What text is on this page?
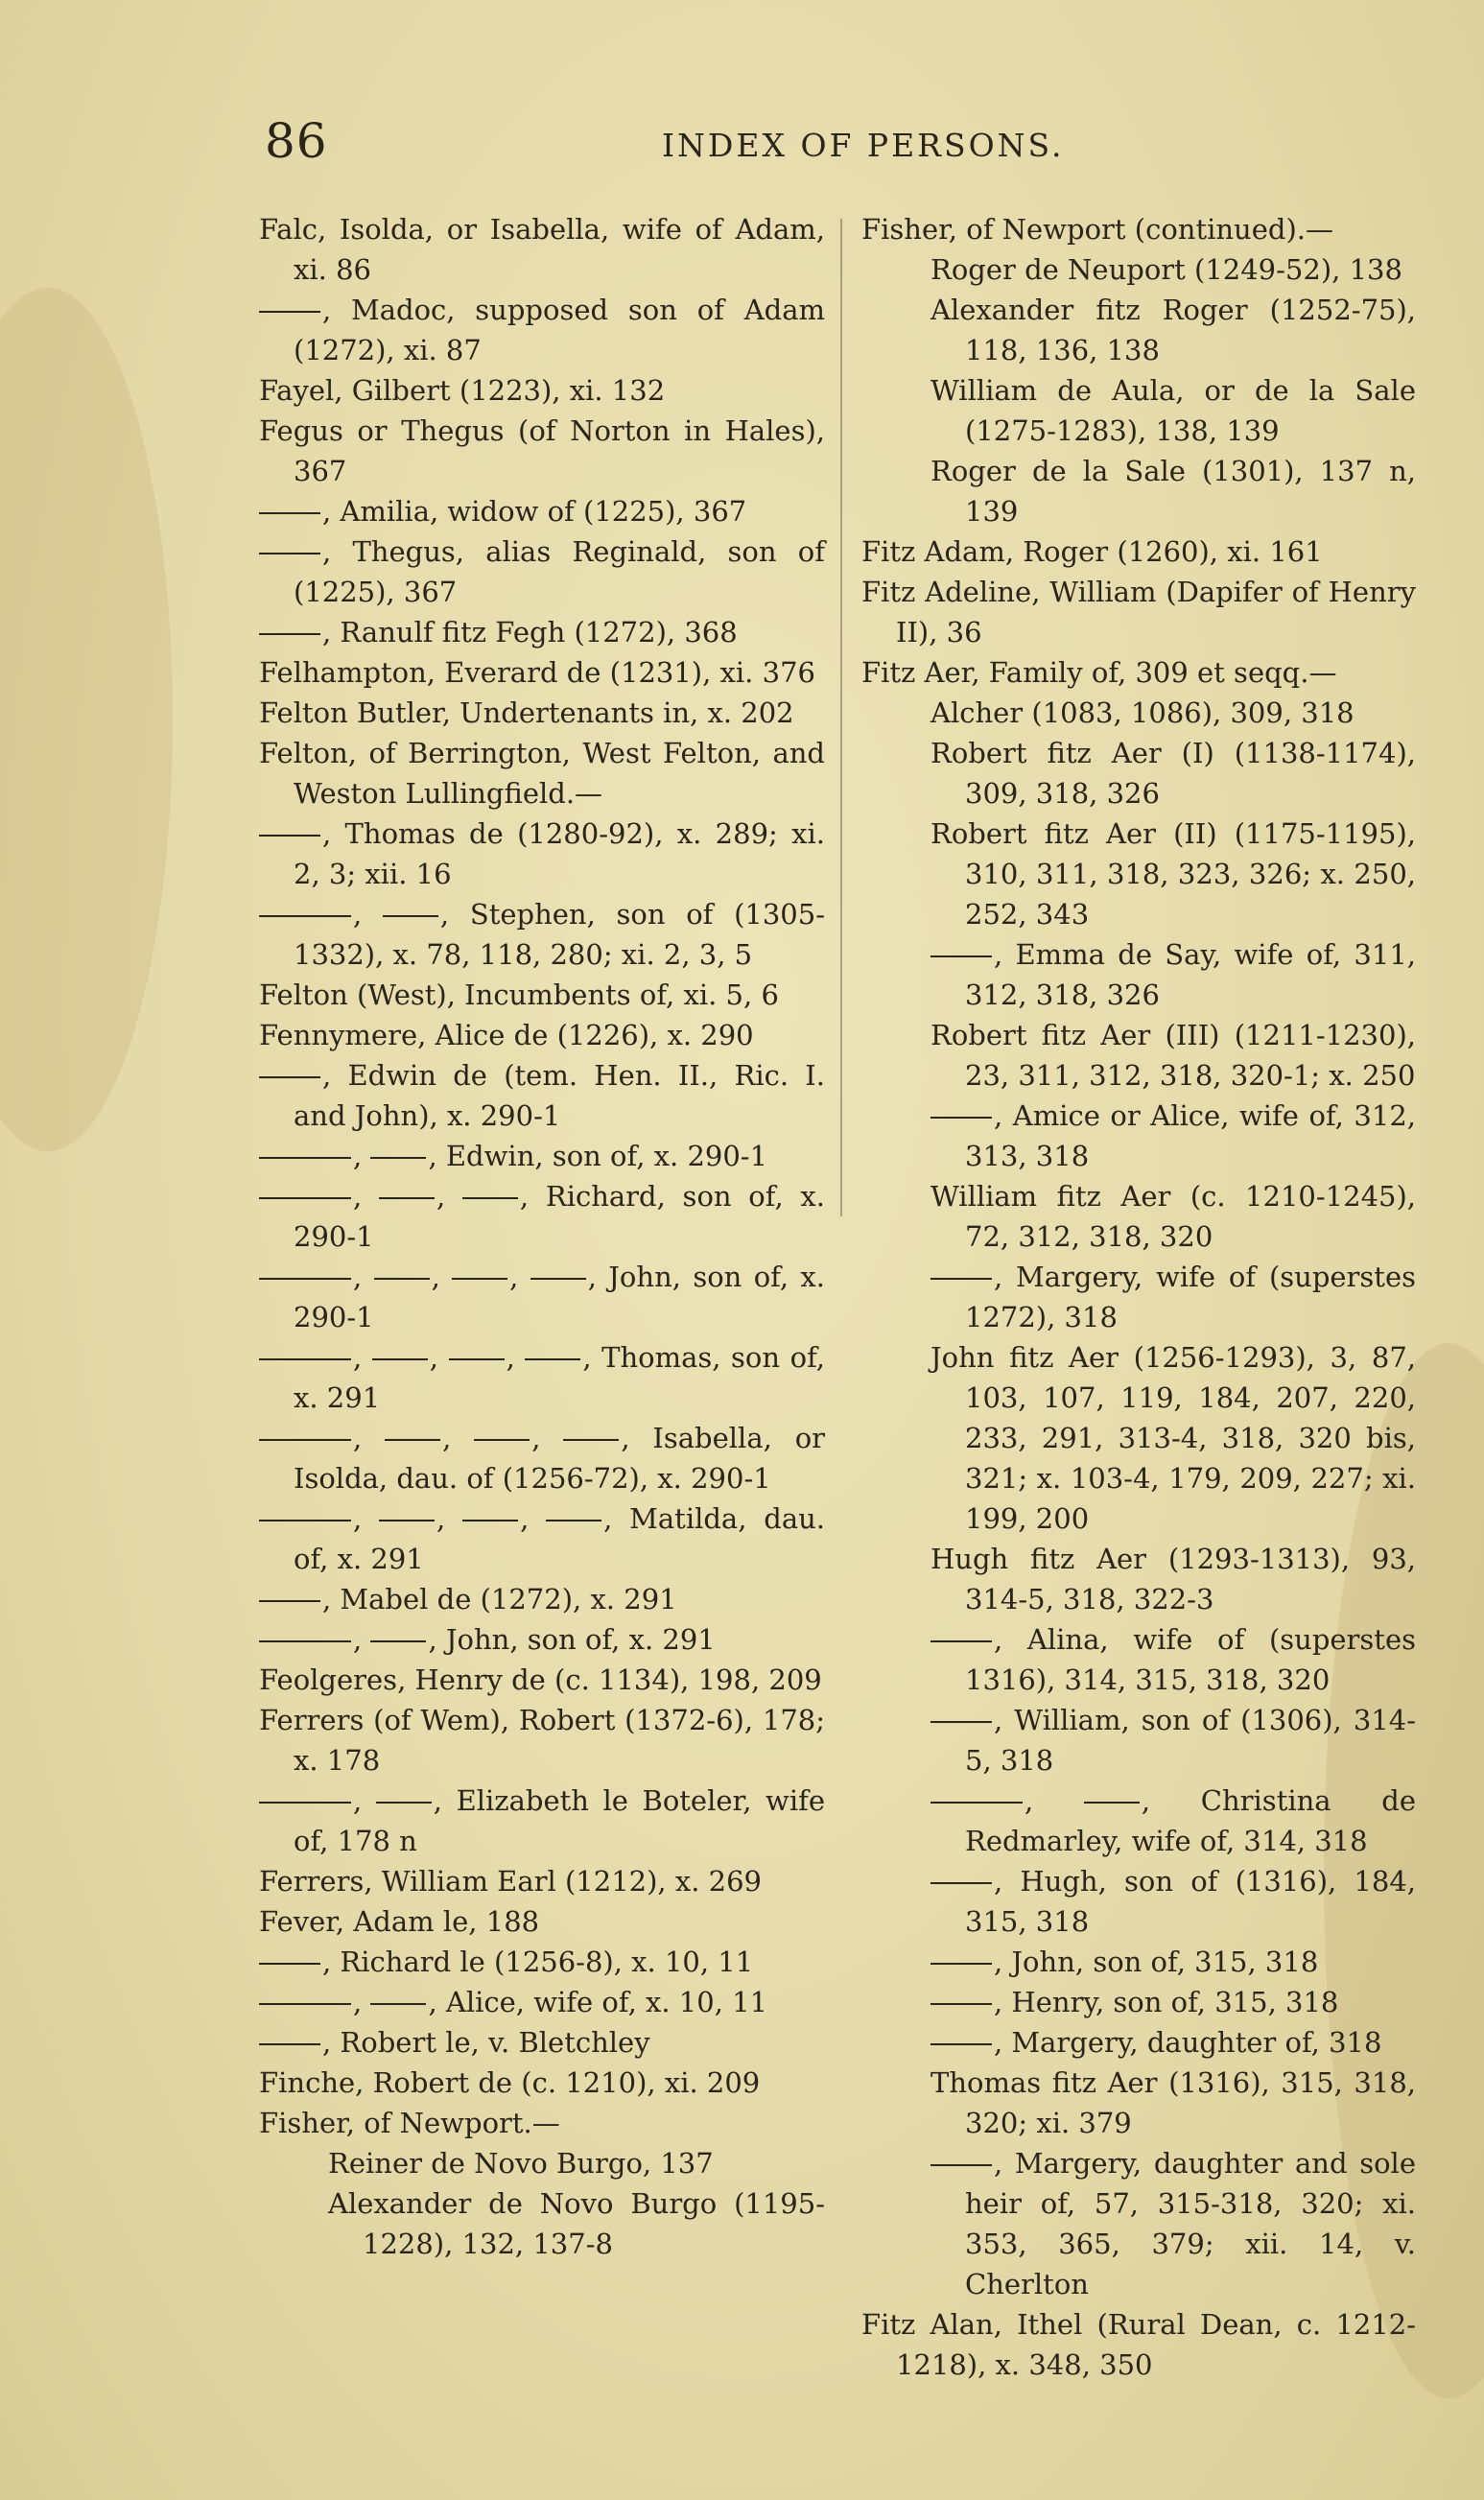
86	INDEX OF PERSONS.

Falc, Isolda, or Isabella, wife of Adam, xi. 86

, Madoc, supposed son of Adam (1272), xi. 87

Fayel, Gilbert (1223), xi. 132

Fegus or Thegus (of Norton in Hales), 367

, Amilia, widow of (1225), 367

, Thegus, alias Reginald, son of (1225), 367

, Ranulf fitz Fegh (1272), 368

Felhampton, Everard de (1231), xi. 376

Felton Butler, Undertenants in, x. 202

Felton, of Berrington, West Felton, and Weston Lullingfield.—

, Thomas de (1280-92), x. 289; xi. 2, 3; xii. 16

, , Stephen, son of (1305-1332), x. 78, 118, 280; xi. 2, 3, 5

Felton (West), Incumbents of, xi. 5, 6

Fennymere, Alice de (1226), x. 290

, Edwin de (tem. Hen. II., Ric. I. and John), x. 290-1

, , Edwin, son of, x. 290-1

, , , Richard, son of, x. 290-1

, , , , John, son of, x. 290-1

, , , , Thomas, son of, x. 291

, , , , Isabella, or Isolda, dau. of (1256-72), x. 290-1

, , , , Matilda, dau. of, x. 291

, Mabel de (1272), x. 291

, , John, son of, x. 291

Feolgeres, Henry de (c. 1134), 198, 209

Ferrers (of Wem), Robert (1372-6), 178; x. 178

, , Elizabeth le Boteler, wife of, 178 n

Ferrers, William Earl (1212), x. 269

Fever, Adam le, 188

, Richard le (1256-8), x. 10, 11

, , Alice, wife of, x. 10, 11

, Robert le, v. Bletchley

Finche, Robert de (c. 1210), xi. 209

Fisher, of Newport.—

Reiner de Novo Burgo, 137

Alexander de Novo Burgo (1195-1228), 132, 137-8

Fisher, of Newport (continued).—

Roger de Neuport (1249-52), 138

Alexander fitz Roger (1252-75), 118, 136, 138

William de Aula, or de la Sale (1275-1283), 138, 139

Roger de la Sale (1301), 137 n, 139

Fitz Adam, Roger (1260), xi. 161

Fitz Adeline, William (Dapifer of Henry II), 36

Fitz Aer, Family of, 309 et seqq.—

Alcher (1083, 1086), 309, 318

Robert fitz Aer (I) (1138-1174), 309, 318, 326

Robert fitz Aer (II) (1175-1195), 310, 311, 318, 323, 326; x. 250, 252, 343

, Emma de Say, wife of, 311, 312, 318, 326

Robert fitz Aer (III) (1211-1230), 23, 311, 312, 318, 320-1; x. 250

, Amice or Alice, wife of, 312, 313, 318

William fitz Aer (c. 1210-1245), 72, 312, 318, 320

, Margery, wife of (superstes 1272), 318

John fitz Aer (1256-1293), 3, 87, 103, 107, 119, 184, 207, 220, 233, 291, 313-4, 318, 320 bis, 321; x. 103-4, 179, 209, 227; xi. 199, 200

Hugh fitz Aer (1293-1313), 93, 314-5, 318, 322-3

, Alina, wife of (superstes 1316), 314, 315, 318, 320

, William, son of (1306), 314-5, 318

, , Christina de Redmarley, wife of, 314, 318

, Hugh, son of (1316), 184, 315, 318

, John, son of, 315, 318

, Henry, son of, 315, 318

, Margery, daughter of, 318

Thomas fitz Aer (1316), 315, 318, 320; xi. 379

, Margery, daughter and sole heir of, 57, 315-318, 320; xi. 353, 365, 379; xii. 14, v. Cherlton

Fitz Alan, Ithel (Rural Dean, c. 1212-1218), x. 348, 350
